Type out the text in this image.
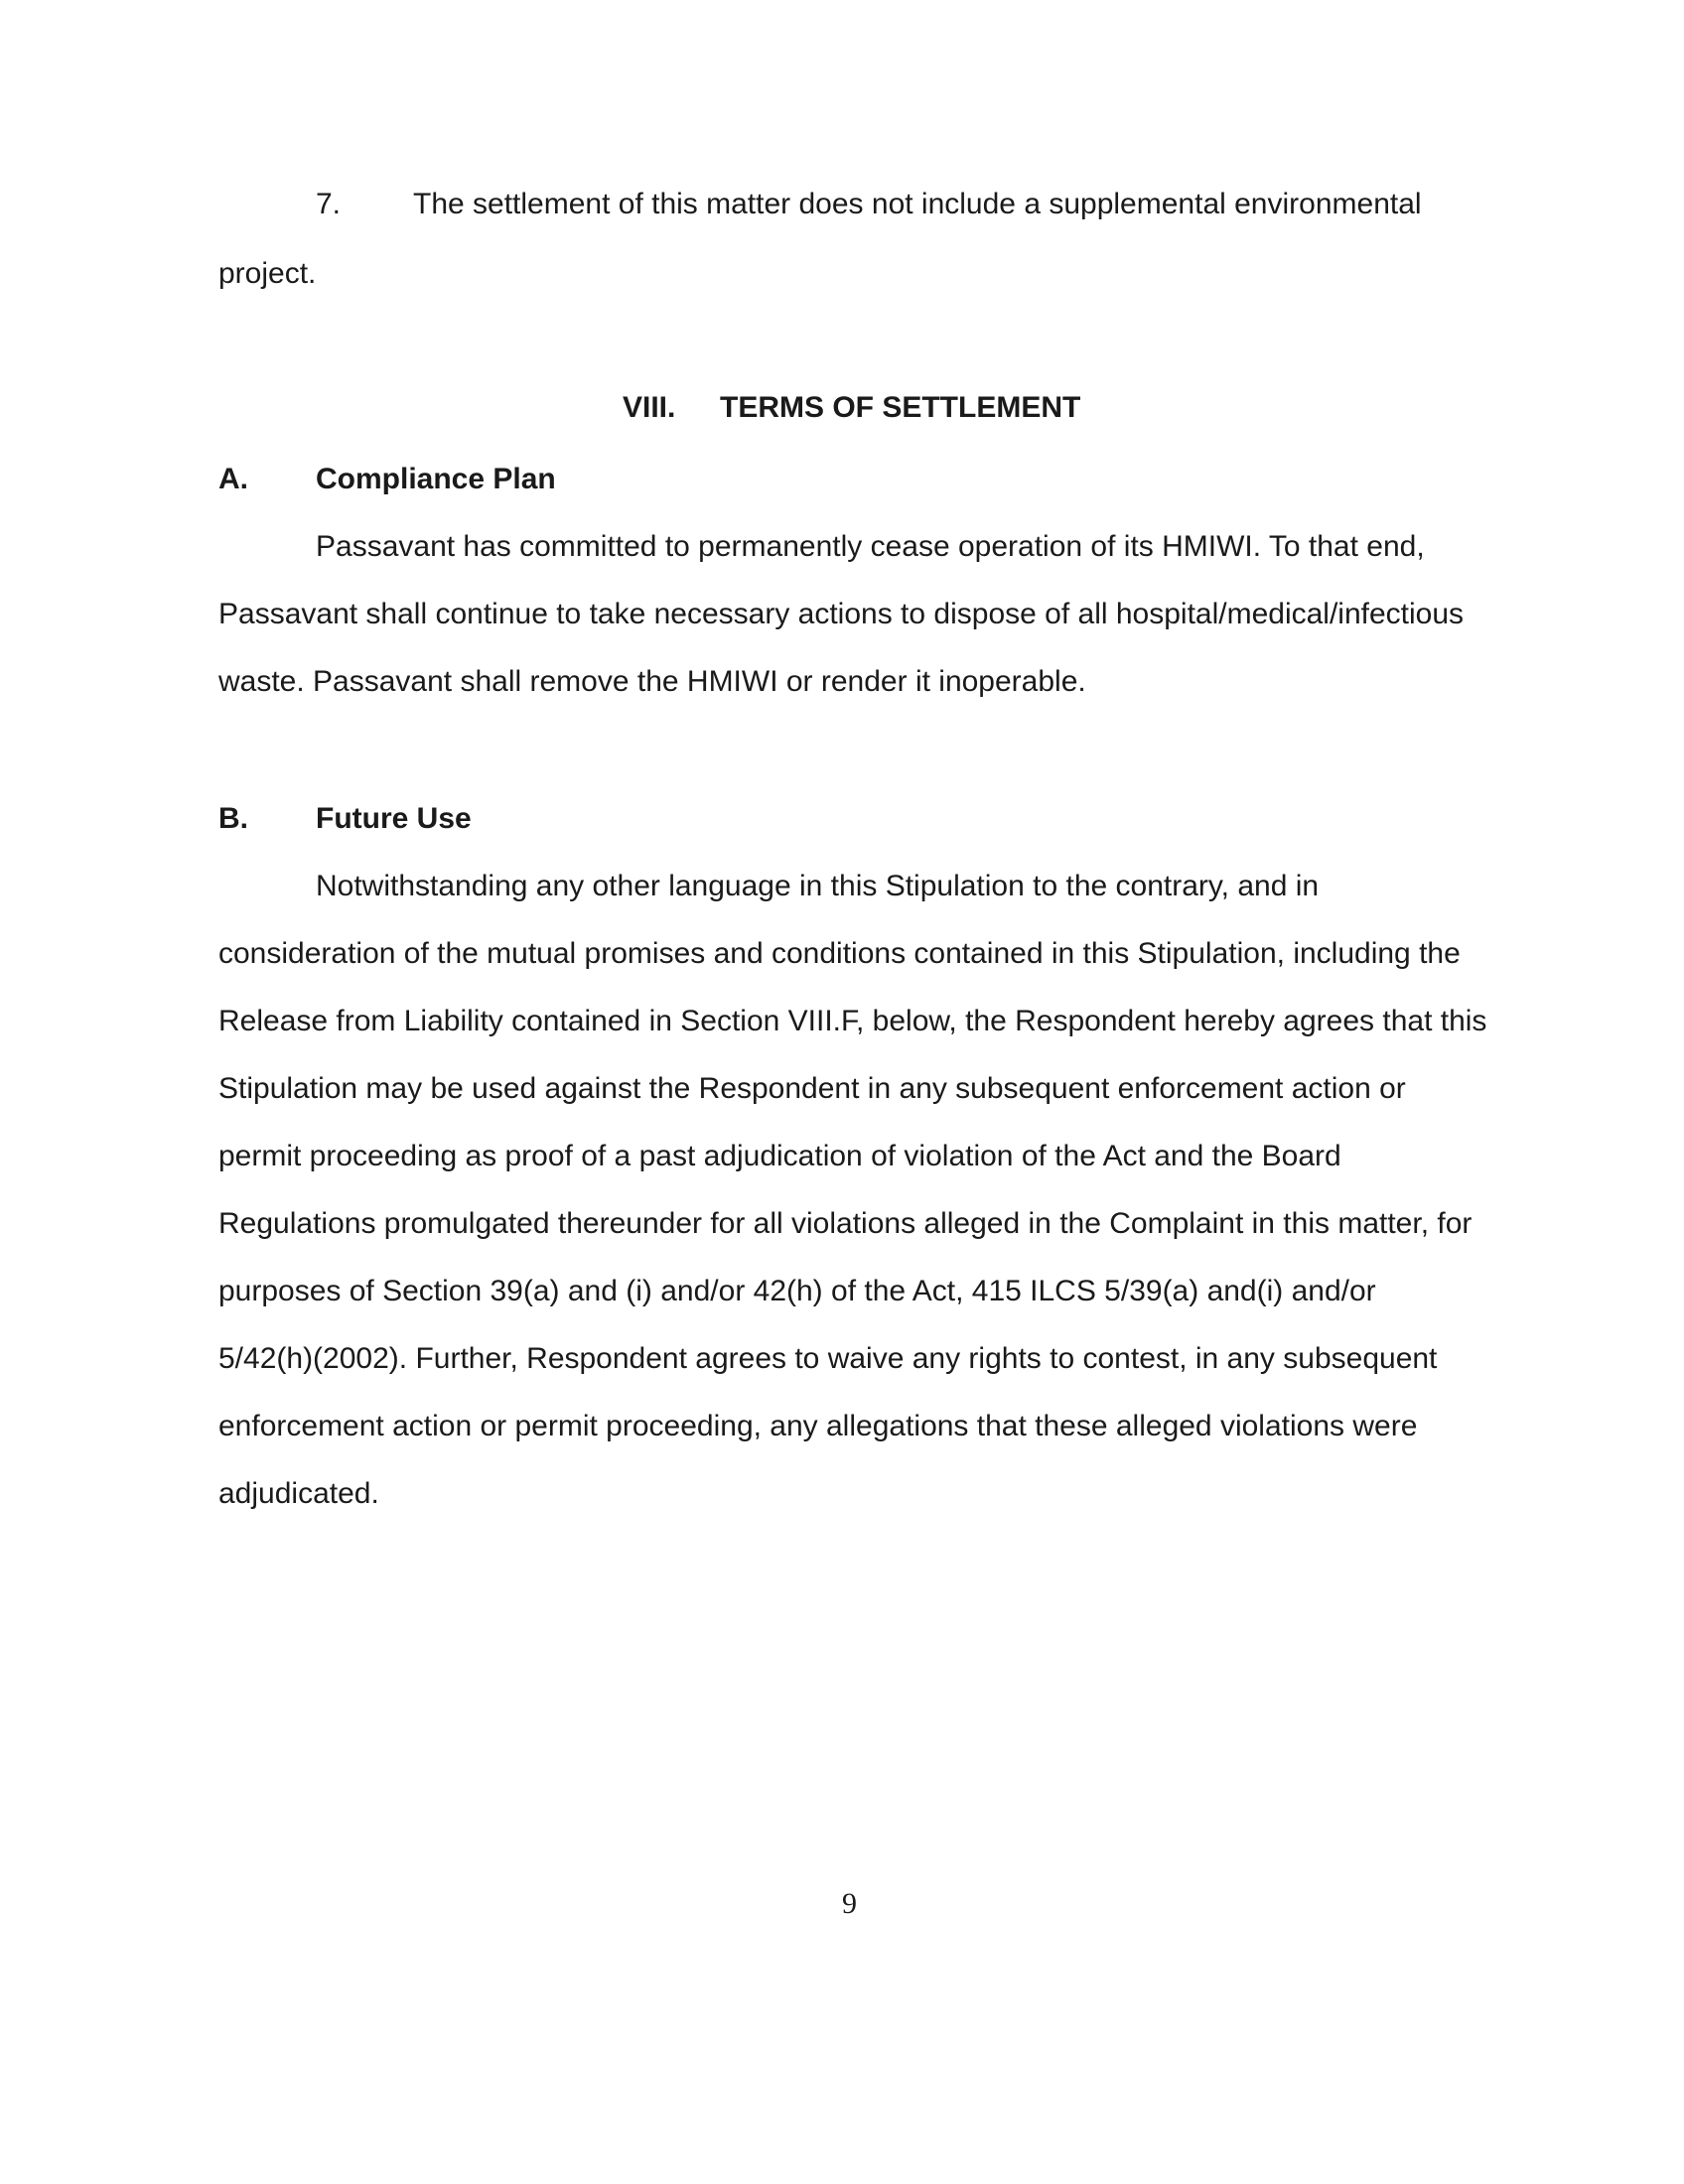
7. The settlement of this matter does not include a supplemental environmental
project.
VIII. TERMS OF SETTLEMENT
A. Compliance Plan
Passavant has committed to permanently cease operation of its HMIWI. To that end,
Passavant shall continue to take necessary actions to dispose of all hospital/medical/infectious
waste. Passavant shall remove the HMIWI or render it inoperable.
B. Future Use
Notwithstanding any other language in this Stipulation to the contrary, and in
consideration of the mutual promises and conditions contained in this Stipulation, including the
Release from Liability contained in Section VIII.F, below, the Respondent hereby agrees that this
Stipulation may be used against the Respondent in any subsequent enforcement action or
permit proceeding as proof of a past adjudication of violation of the Act and the Board
Regulations promulgated thereunder for all violations alleged in the Complaint in this matter, for
purposes of Section 39(a) and (i) and/or 42(h) of the Act, 415 ILCS 5/39(a) and(i) and/or
5/42(h)(2002). Further, Respondent agrees to waive any rights to contest, in any subsequent
enforcement action or permit proceeding, any allegations that these alleged violations were
adjudicated.
9
